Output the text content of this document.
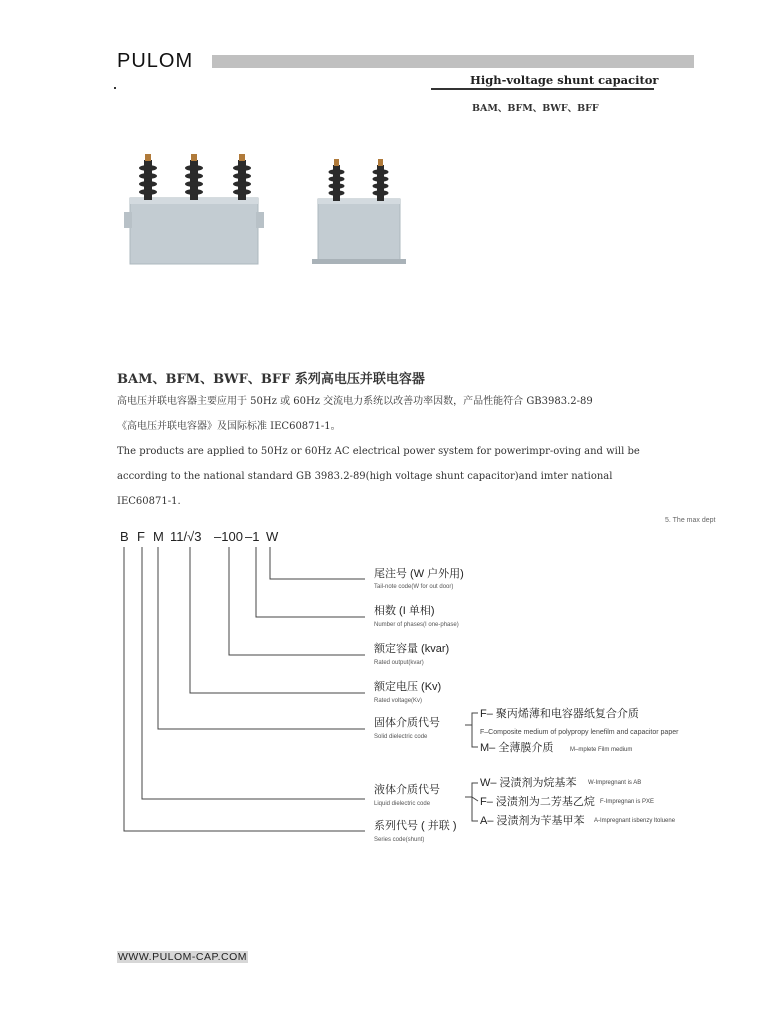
PULOM
High-voltage shunt capacitor
BAM、BFM、BWF、BFF
BAM、BFM、BWF、BFF 系列高电压并联电容器
高电压并联电容器主要应用于 50Hz 或 60Hz 交流电力系统以改善功率因数，产品性能符合 GB3983.2-89
《高电压并联电容器》及国际标准 IEC60871-1。
The products are applied to 50Hz or 60Hz AC electrical power system for powerimpr-oving and will be
according to the national standard GB 3983.2-89(high voltage shunt capacitor)and imter national
IEC60871-1.
5. The max dept
B F M 11/√3 –100 –1 W
尾注号 (W 户外用)
Tail-note code(W for out door)
相数 (I 单相)
Number of phases(I one-phase)
额定容量 (kvar)
Rated output(kvar)
额定电压 (Kv)
Rated voltage(Kv)
固体介质代号
Solid dielectric code
液体介质代号
Liquid dielectric code
系列代号 ( 并联 )
Series code(shunt)
F– 聚丙烯薄和电容器纸复合介质
F–Composite medium of polypropy lenefilm and capacitor paper
M– 全薄膜介质	M–mplete Film medium
W– 浸渍剂为烷基苯 W-Impregnant is AB
F– 浸渍剂为二芳基乙烷 F-Impregnan is PXE
A– 浸渍剂为苄基甲苯 A-Impregnant isbenzy ltoluene
WWW.PULOM-CAP.COM
